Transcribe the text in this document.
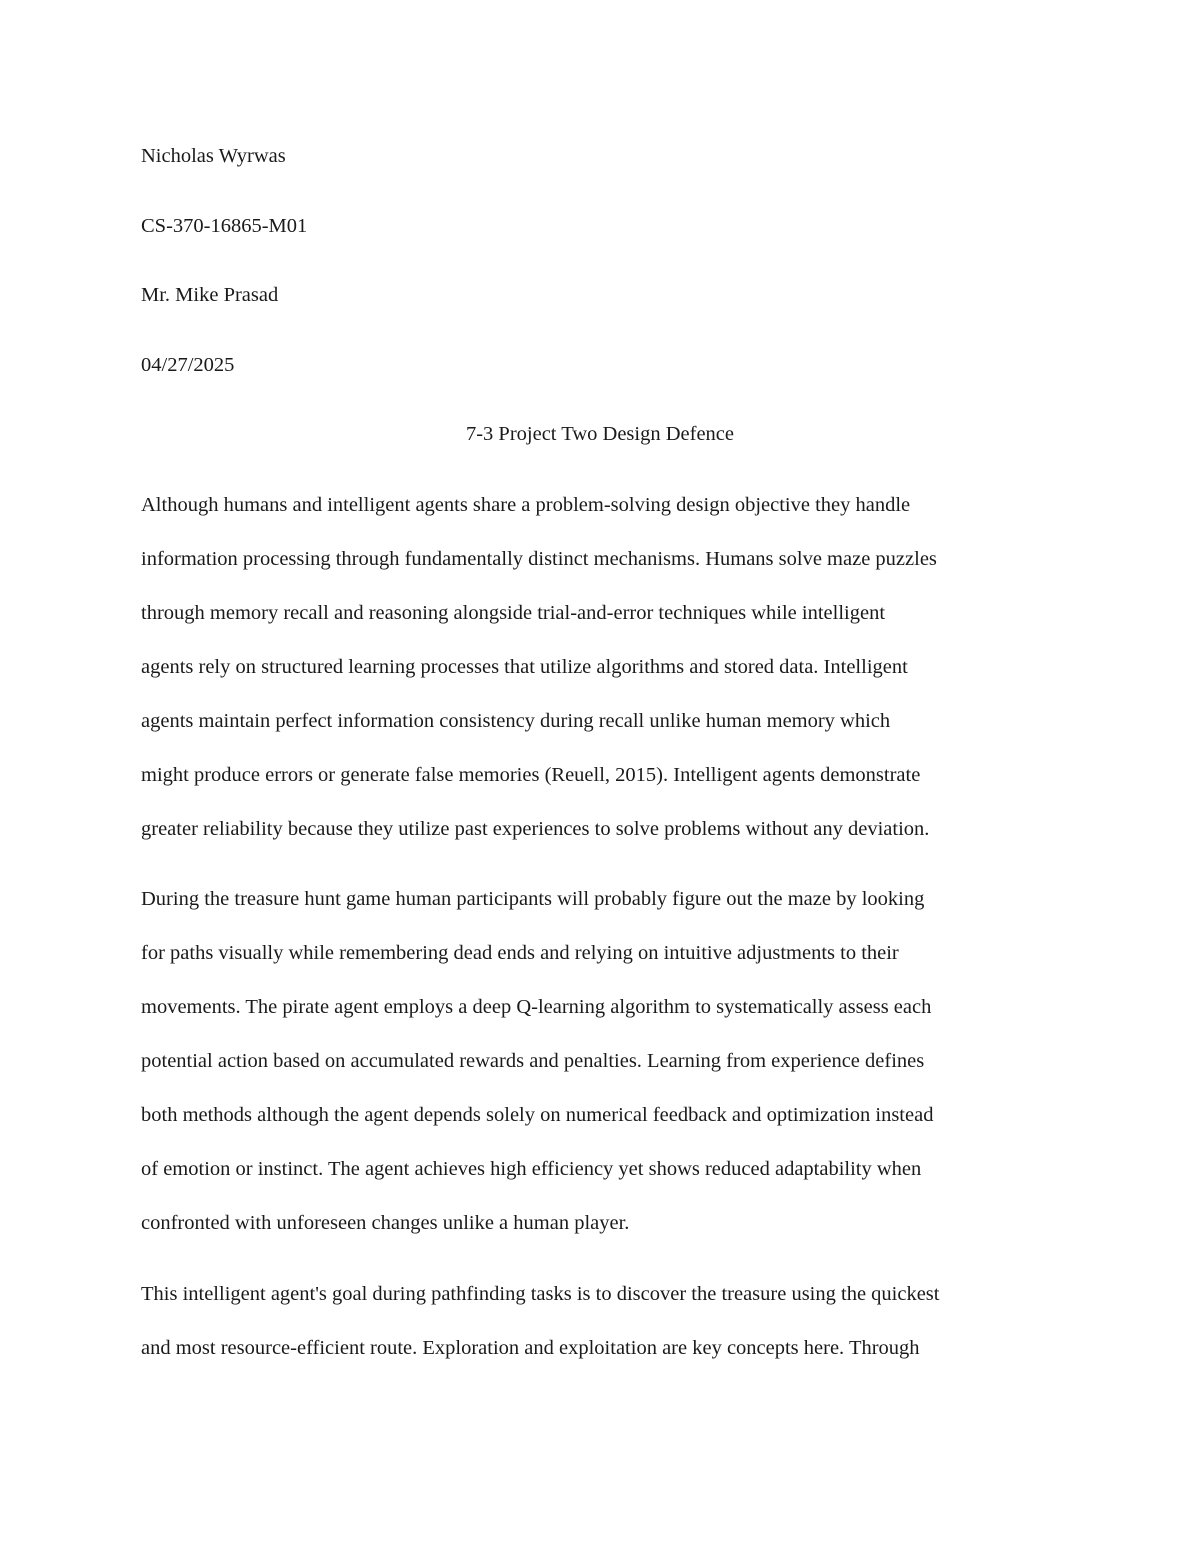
Nicholas Wyrwas
CS-370-16865-M01
Mr. Mike Prasad
04/27/2025
7-3 Project Two Design Defence
Although humans and intelligent agents share a problem-solving design objective they handle
information processing through fundamentally distinct mechanisms. Humans solve maze puzzles
through memory recall and reasoning alongside trial-and-error techniques while intelligent
agents rely on structured learning processes that utilize algorithms and stored data. Intelligent
agents maintain perfect information consistency during recall unlike human memory which
might produce errors or generate false memories (Reuell, 2015). Intelligent agents demonstrate
greater reliability because they utilize past experiences to solve problems without any deviation.
During the treasure hunt game human participants will probably figure out the maze by looking
for paths visually while remembering dead ends and relying on intuitive adjustments to their
movements. The pirate agent employs a deep Q-learning algorithm to systematically assess each
potential action based on accumulated rewards and penalties. Learning from experience defines
both methods although the agent depends solely on numerical feedback and optimization instead
of emotion or instinct. The agent achieves high efficiency yet shows reduced adaptability when
confronted with unforeseen changes unlike a human player.
This intelligent agent's goal during pathfinding tasks is to discover the treasure using the quickest
and most resource-efficient route. Exploration and exploitation are key concepts here. Through
